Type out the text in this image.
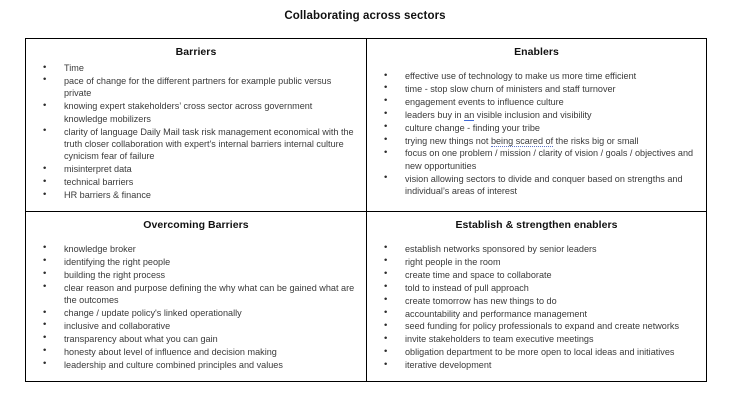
Collaborating across sectors
Barriers
• Time
• pace of change for the different partners for example public versus private
• knowing expert stakeholders’ cross sector across government knowledge mobilizers
• clarity of language Daily Mail task risk management economical with the truth closer collaboration with expert's internal barriers internal culture cynicism fear of failure
• misinterpret data
• technical barriers
• HR barriers & finance

Enablers
• effective use of technology to make us more time efficient
• time - stop slow churn of ministers and staff turnover
• engagement events to influence culture
• leaders buy in an visible inclusion and visibility
• culture change - finding your tribe
• trying new things not being scared of the risks big or small
• focus on one problem / mission / clarity of vision / goals / objectives and new opportunities
• vision allowing sectors to divide and conquer based on strengths and individual’s areas of interest

Overcoming Barriers
• knowledge broker
• identifying the right people
• building the right process
• clear reason and purpose defining the why what can be gained what are the outcomes
• change / update policy's linked operationally
• inclusive and collaborative
• transparency about what you can gain
• honesty about level of influence and decision making
• leadership and culture combined principles and values

Establish & strengthen enablers
• establish networks sponsored by senior leaders
• right people in the room
• create time and space to collaborate
• told to instead of pull approach
• create tomorrow has new things to do
• accountability and performance management
• seed funding for policy professionals to expand and create networks
• invite stakeholders to team executive meetings
• obligation department to be more open to local ideas and initiatives
• iterative development
